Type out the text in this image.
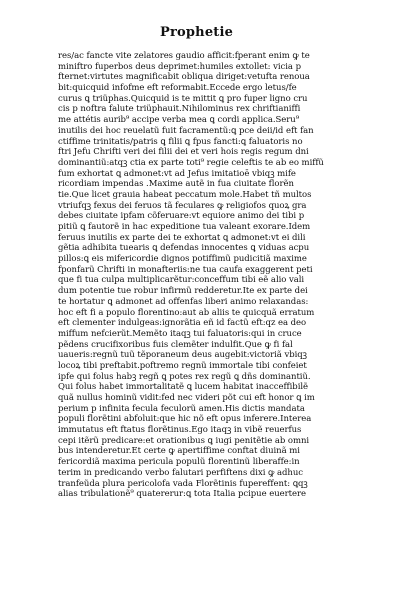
Prophetie
res/ac fancte vite zelatores gaudio afficit:fperant enim ꝙ te
miniftro fuperbos deus deprimet:humiles extollet: vicia p
fternet:virtutes magnificabit obliqua diriget:vetufta renoua
bit:quicquid infofme eft reformabit.Eccede ergo letus/fe
curus ꝗ triüphas.Quicquid is te mittit ꝗ pro fuper ligno cru
cis p noftra falute triüphauit.Nihilominus rex chriftianiffi
me attétis aurib⁹ accipe verba mea ꝗ cordi applica.Seru⁹
inutilis dei hoc reuelatũ fuit facramentũ:ꝗ pce deii/id eft fan
ctiffime trinitatis/patris ꝗ filii ꝗ fpus fancti:ꝗ faluatoris no
ftri Jefu Chrifti veri dei filii dei et veri hois regis regum dni
dominantiũ:atqꝫ ctia ex parte toti⁹ regie celeftis te ab eo miffũ
fum exhortat ꝗ admonet:vt ad Jefus imitatioē vbiqꝫ mife
ricordiam impendas .Maxime autẽ in fua ciuitate florẽn
tie.Que licet grauia habeat peccatum mole.Habet tñ multos
vtriufqꝫ fexus dei feruos tã feculares ꝙ religiofos quoꝝ gra
debes ciuitate ipfam cõferuare:vt equiore animo dei tibi p
pitiũ ꝗ fautorẽ in hac expeditione tua valeant exorare.Idem
feruus inutilis ex parte dei te exhortat ꝗ admonet:vt ei dili
gẽtia adhibita tuearis ꝗ defendas innocentes ꝗ viduas acpu
pillos:ꝗ eis mifericordie dignos potiffimũ pudicitiã maxime
fponfarũ Chrifti in monafteriis:ne tua caufa exaggerent peti
que fi tua culpa multiplicarẽtur:conceffum tibi eẽ alio vali
dum potentie tue robur infirmũ redderetur.Ite ex parte dei
te hortatur ꝗ admonet ad offenfas liberi animo relaxandas:
hoc eft fi a populo florentino:aut ab aliis te quicquã erratum
eft clementer indulgeas:ignorãtia eñ id factũ eft:qz ea deo
miffum nefcierũt.Memẽto itaqꝫ tui faluatoris:qui in cruce
pẽdens crucifixoribus fuis clemẽter indulfit.Que ꝙ fi fal
uaueris:regnũ tuũ tẽporaneum deus augebit:victoriã vbiqꝫ
locoꝝ tibi preftabit.poftremo regnũ immortale tibi confeiet
ipfe qui folus habꝫ regñ ꝗ potes rex regũ ꝗ dñs dominantiũ.
Qui folus habet immortalitatẽ ꝗ lucem habitat inacceffibilẽ
quã nullus hominũ vidit:fed nec videri põt cui eft honor ꝗ im
perium p infinita fecula feculorũ amen.His dictis mandata
populi florẽtini abfoluit:que hic nõ eft opus inferere.Interea
immutatus eft ftatus florẽtinus.Ego itaqꝫ in vibẽ reuerfus
cepi itẽrũ predicare:et orationibus ꝗ iugi penitẽtie ab omni
bus intenderetur.Et certe ꝙ apertiffime conftat diuinã mi
fericordiã maxima pericula populũ florentinũ liberaffe:in
terim in predicando verbo falutari perfiftens dixi ꝙ adhuc
tranfeũda plura pericolofa vada Florẽtinis fupereffent: ꝗqꝫ
alias tribulationẽ⁹ quatererur:ꝗ tota Italia pcipue euertere
